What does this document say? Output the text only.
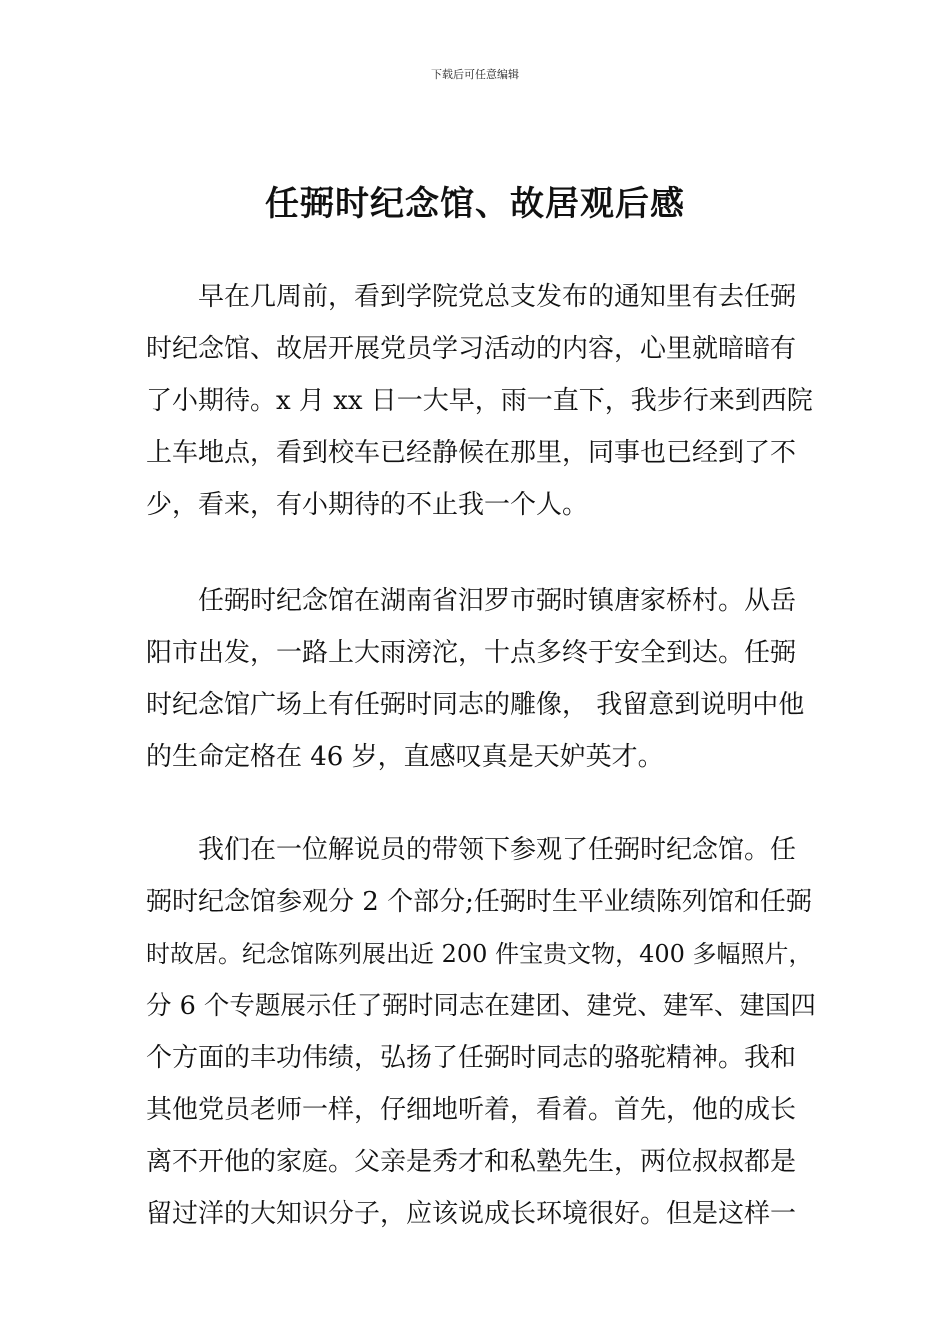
下载后可任意编辑
任弼时纪念馆、故居观后感
早在几周前，看到学院党总支发布的通知里有去任弼
时纪念馆、故居开展党员学习活动的内容，心里就暗暗有
了小期待。x 月 xx 日一大早，雨一直下，我步行来到西院
上车地点，看到校车已经静候在那里，同事也已经到了不
少，看来，有小期待的不止我一个人。
任弼时纪念馆在湖南省汨罗市弼时镇唐家桥村。从岳
阳市出发，一路上大雨滂沱，十点多终于安全到达。任弼
时纪念馆广场上有任弼时同志的雕像， 我留意到说明中他
的生命定格在 46 岁，直感叹真是天妒英才。
我们在一位解说员的带领下参观了任弼时纪念馆。任
弼时纪念馆参观分 2 个部分;任弼时生平业绩陈列馆和任弼
时故居。纪念馆陈列展出近 200 件宝贵文物，400 多幅照片，
分 6 个专题展示任了弼时同志在建团、建党、建军、建国四
个方面的丰功伟绩，弘扬了任弼时同志的骆驼精神。我和
其他党员老师一样，仔细地听着，看着。首先，他的成长
离不开他的家庭。父亲是秀才和私塾先生，两位叔叔都是
留过洋的大知识分子，应该说成长环境很好。但是这样一
